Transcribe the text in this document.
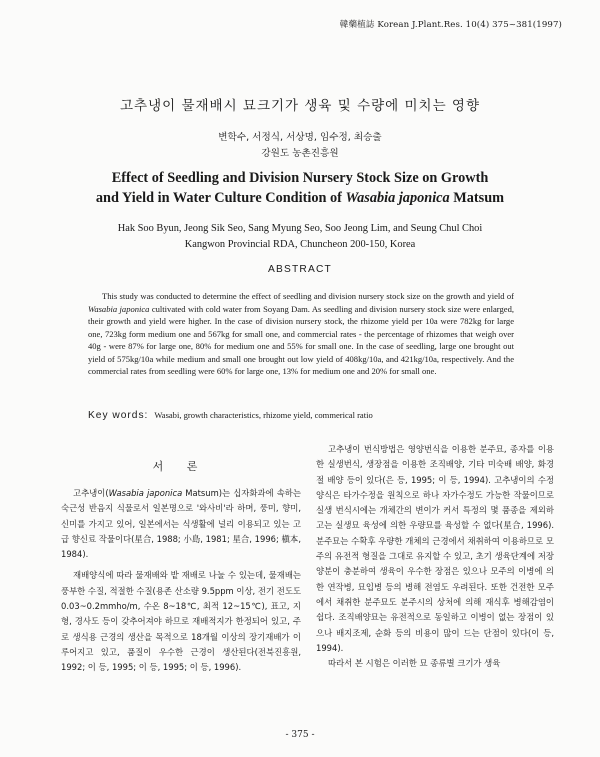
韓藥植誌 Korean J.Plant.Res. 10(4) 375~381(1997)
고추냉이 물재배시 묘크기가 생육 및 수량에 미치는 영향
변학수, 서정식, 서상명, 임수정, 최승출
강원도 농촌진흥원
Effect of Seedling and Division Nursery Stock Size on Growth
and Yield in Water Culture Condition of Wasabia japonica Matsum
Hak Soo Byun, Jeong Sik Seo, Sang Myung Seo, Soo Jeong Lim, and Seung Chul Choi
Kangwon Provincial RDA, Chuncheon 200-150, Korea
ABSTRACT
This study was conducted to determine the effect of seedling and division nursery stock size on the growth and yield of Wasabia japonica cultivated with cold water from Soyang Dam. As seedling and division nursery stock size were enlarged, their growth and yield were higher. In the case of division nursery stock, the rhizome yield per 10a were 782kg for large one, 723kg form medium one and 567kg for small one, and commercial rates - the percentage of rhizomes that weigh over 40g - were 87% for large one, 80% for medium one and 55% for small one. In the case of seedling, large one brought out yield of 575kg/10a while medium and small one brought out low yield of 408kg/10a, and 421kg/10a, respectively. And the commercial rates from seedling were 60% for large one, 13% for medium one and 20% for small one.
Key words: Wasabi, growth characteristics, rhizome yield, commerical ratio
서 론

고추냉이(Wasabia japonica Matsum)는 십자화과에 속하는 숙근성 반음지 식물로서 일본명으로 '와사비'라 하며, 풍미, 향미, 신미를 가지고 있어, 일본에서는 식생활에 널리 이용되고 있는 고급 향신료 작물이다(星合, 1988; 小島, 1981; 星合, 1996; 槇本, 1984).

재배양식에 따라 물재배와 밭 재배로 나눌 수 있는데, 물재배는 풍부한 수질, 적절한 수질(용존 산소량 9.5ppm 이상, 전기 전도도 0.03~0.2mmho/m, 수온 8~18℃, 최적 12~15℃), 표고, 지형, 경사도 등이 갖추어져야 하므로 재배적지가 한정되어 있고, 주로 생식용 근경의 생산을 목적으로 18개월 이상의 장기재배가 이루어지고 있고, 품질이 우수한 근경이 생산된다(전북진흥원, 1992; 이 등, 1995; 이 등, 1995; 이 등, 1996).

고추냉이 번식방법은 영양번식을 이용한 분주묘, 종자를 이용한 실생번식, 생장점을 이용한 조직배양, 기타 미숙배 배양, 화경절 배양 등이 있다(은 등, 1995; 이 등, 1994). 고추냉이의 수정양식은 타가수정을 원칙으로 하나 자가수정도 가능한 작물이므로 실생 번식시에는 개체간의 변이가 커서 특정의 몇 품종을 제외하고는 실생묘 육성에 의한 우량묘를 육성할 수 없다(星合, 1996). 분주묘는 수확후 우량한 개체의 근경에서 채취하여 이용하므로 모주의 유전적 형질을 그대로 유지할 수 있고, 초기 생육단계에 저장 양분이 충분하여 생육이 우수한 장점은 있으나 모주의 이병에 의한 연작병, 묘입병 등의 병해 전염도 우려된다. 또한 건전한 모주에서 채취한 분주묘도 분주시의 상처에 의해 재식후 병해감염이 쉽다. 조직배양묘는 유전적으로 동일하고 이병이 없는 장점이 있으나 배지조제, 순화 등의 비용이 많이 드는 단점이 있다(이 등, 1994).

따라서 본 시험은 이러한 묘 종류별 크기가 생육

- 375 -
